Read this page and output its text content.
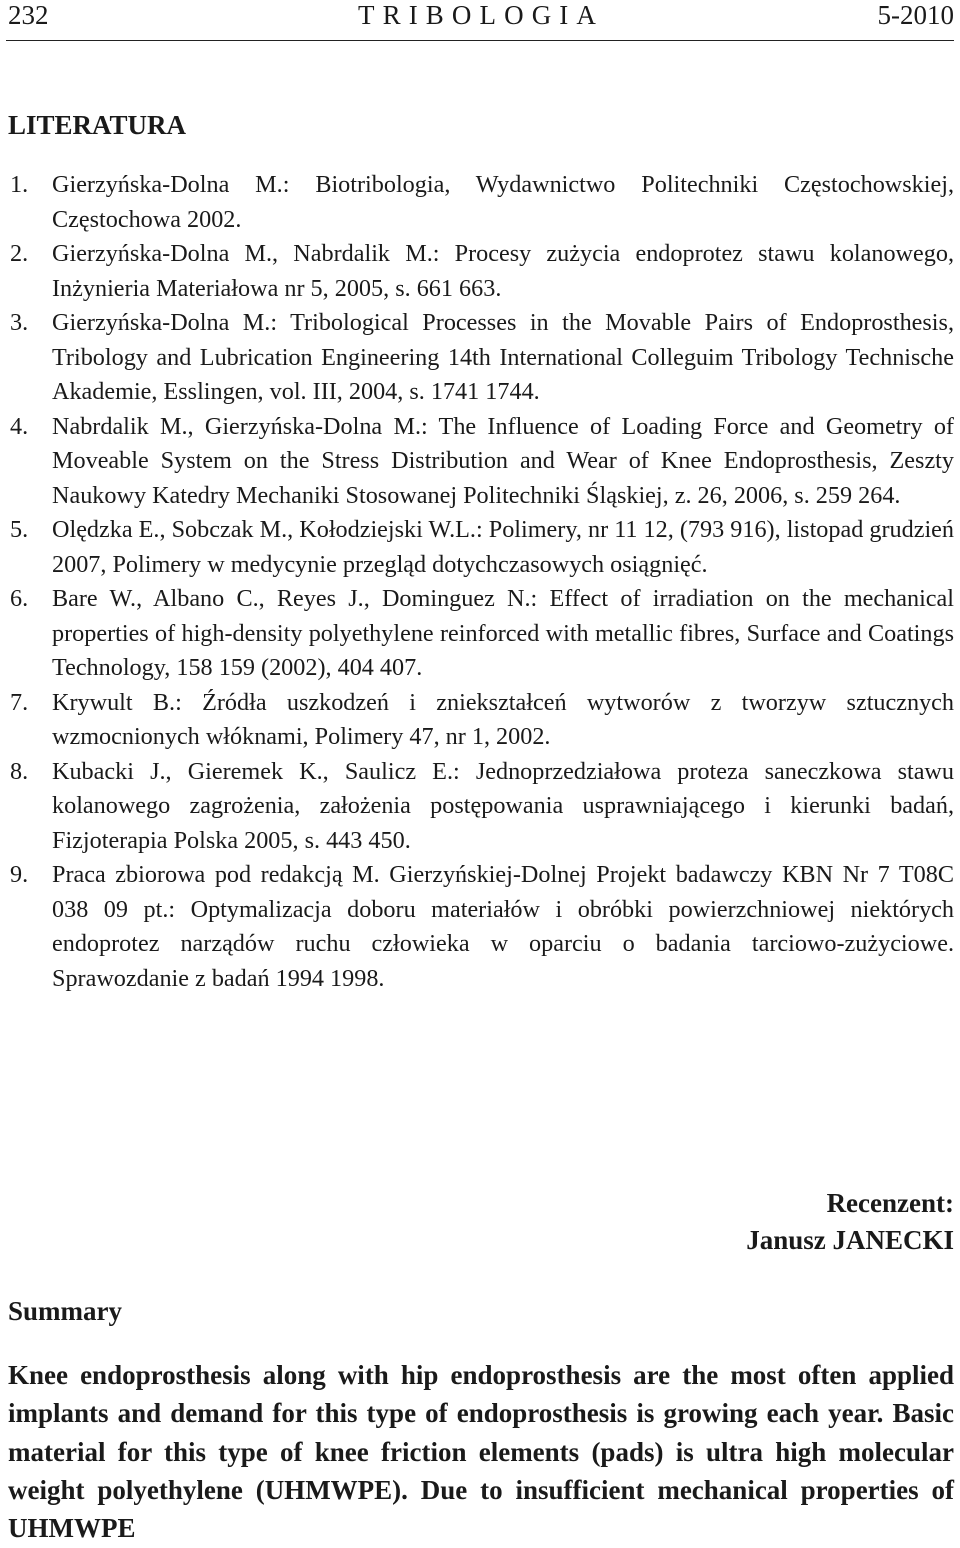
232	TRIBOLOGIA	5-2010
LITERATURA
1. Gierzyńska-Dolna M.: Biotribologia, Wydawnictwo Politechniki Częstochowskiej, Częstochowa 2002.
2. Gierzyńska-Dolna M., Nabrdalik M.: Procesy zużycia endoprotez stawu kolanowego, Inżynieria Materiałowa nr 5, 2005, s. 661 663.
3. Gierzyńska-Dolna M.: Tribological Processes in the Movable Pairs of Endoprosthesis, Tribology and Lubrication Engineering 14th International Colleguim Tribology Technische Akademie, Esslingen, vol. III, 2004, s. 1741 1744.
4. Nabrdalik M., Gierzyńska-Dolna M.: The Influence of Loading Force and Geometry of Moveable System on the Stress Distribution and Wear of Knee Endoprosthesis, Zeszty Naukowy Katedry Mechaniki Stosowanej Politechniki Śląskiej, z. 26, 2006, s. 259 264.
5. Olędzka E., Sobczak M., Kołodziejski W.L.: Polimery, nr 11 12, (793 916), listopad grudzień 2007, Polimery w medycynie przegląd dotychczasowych osiągnięć.
6. Bare W., Albano C., Reyes J., Dominguez N.: Effect of irradiation on the mechanical properties of high-density polyethylene reinforced with metallic fibres, Surface and Coatings Technology, 158 159 (2002), 404 407.
7. Krywult B.: Źródła uszkodzeń i zniekształceń wytworów z tworzyw sztucznych wzmocnionych włóknami, Polimery 47, nr 1, 2002.
8. Kubacki J., Gieremek K., Saulicz E.: Jednoprzedziałowa proteza saneczkowa stawu kolanowego zagrożenia, założenia postępowania usprawniającego i kierunki badań, Fizjoterapia Polska 2005, s. 443 450.
9. Praca zbiorowa pod redakcją M. Gierzyńskiej-Dolnej Projekt badawczy KBN Nr 7 T08C 038 09 pt.: Optymalizacja doboru materiałów i obróbki powierzchniowej niektórych endoprotez narządów ruchu człowieka w oparciu o badania tarciowo-zużyciowe. Sprawozdanie z badań 1994 1998.
Recenzent:
Janusz JANECKI
Summary

Knee endoprosthesis along with hip endoprosthesis are the most often applied implants and demand for this type of endoprosthesis is growing each year. Basic material for this type of knee friction elements (pads) is ultra high molecular weight polyethylene (UHMWPE). Due to insufficient mechanical properties of UHMWPE
